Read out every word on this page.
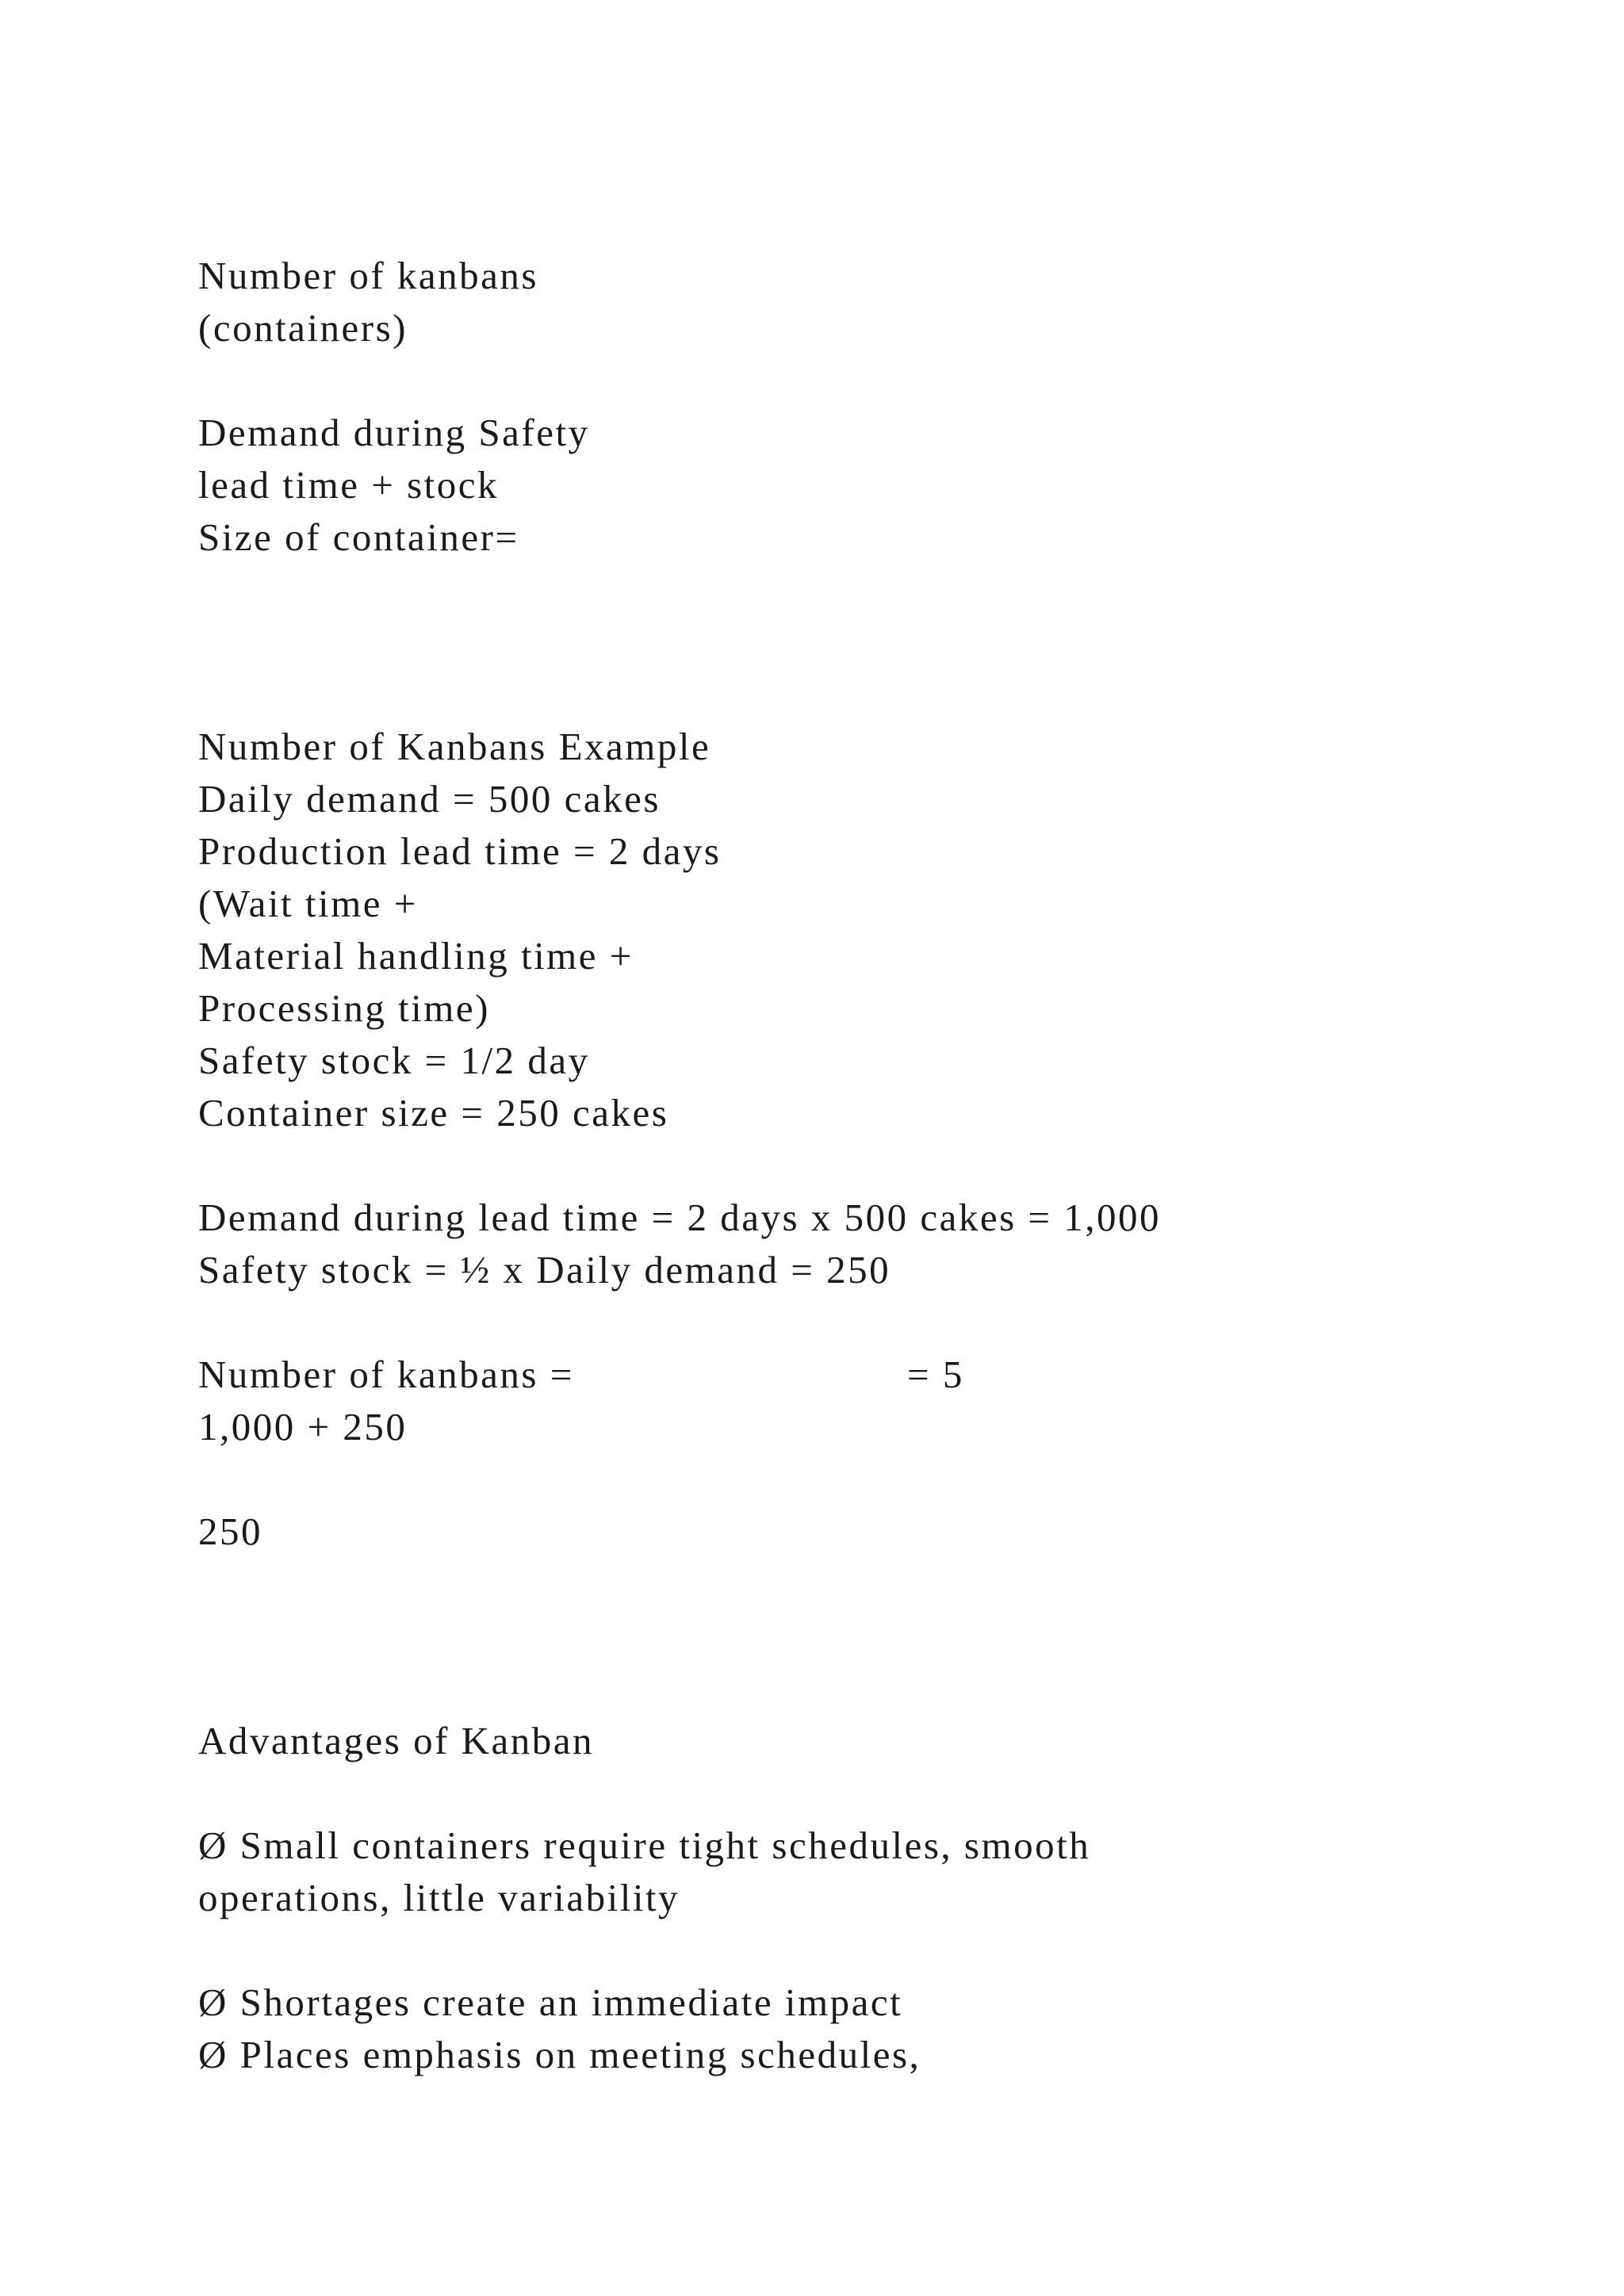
Number of kanbans
(containers)
Demand during Safety
lead time + stock
Size of container=
Number of Kanbans Example
Daily demand = 500 cakes
Production lead time = 2 days
(Wait time +
Material handling time +
Processing time)
Safety stock = 1/2 day
Container size = 250 cakes
Demand during lead time = 2 days x 500 cakes = 1,000
Safety stock = ½ x Daily demand = 250
Number of kanbans =	= 5
1,000 + 250
250
Advantages of Kanban
Ø Small containers require tight schedules, smooth
operations, little variability
Ø Shortages create an immediate impact
Ø Places emphasis on meeting schedules,
